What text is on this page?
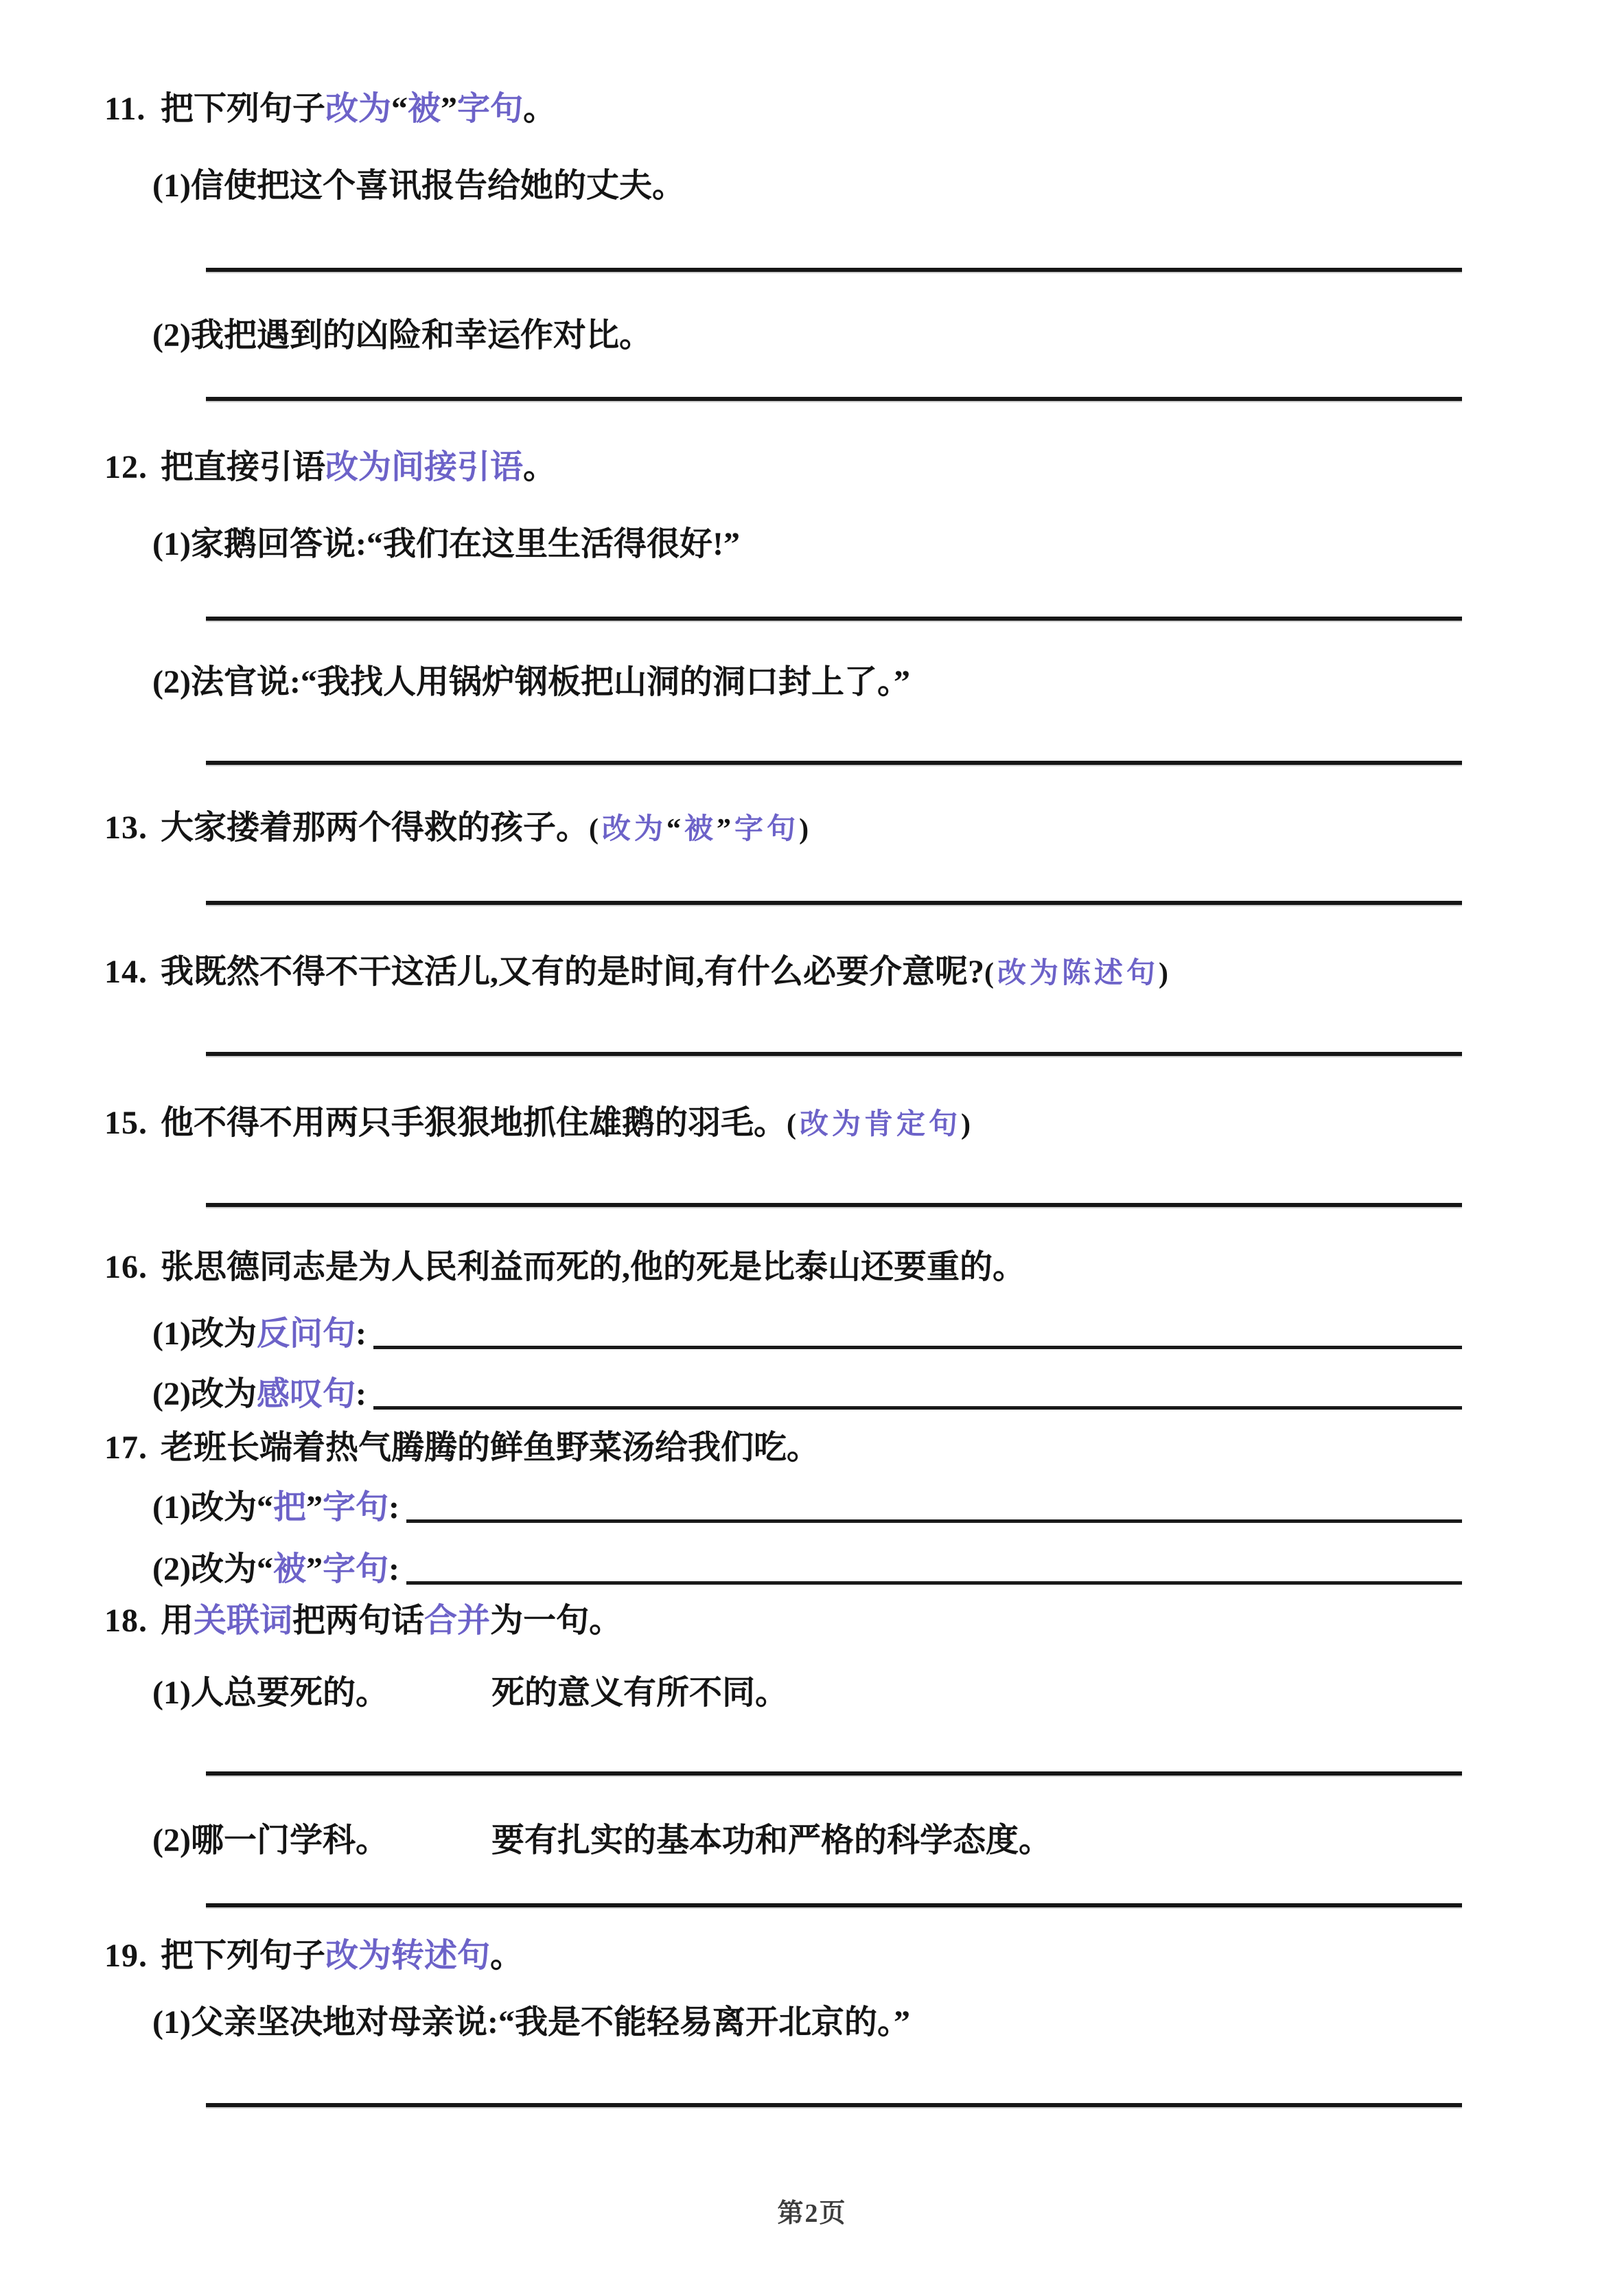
11. 把下列句子改为“被”字句。
(1)信使把这个喜讯报告给她的丈夫。
(2)我把遇到的凶险和幸运作对比。
12. 把直接引语改为间接引语。
(1)家鹅回答说:“我们在这里生活得很好!”
(2)法官说:“我找人用锅炉钢板把山洞的洞口封上了。”
13. 大家搂着那两个得救的孩子。(改为“被”字句)
14. 我既然不得不干这活儿,又有的是时间,有什么必要介意呢?(改为陈述句)
15. 他不得不用两只手狠狠地抓住雄鹅的羽毛。(改为肯定句)
16. 张思德同志是为人民利益而死的,他的死是比泰山还要重的。
(1)改为 反问句 :
(2)改为 感叹句 :
17. 老班长端着热气腾腾的鲜鱼野菜汤给我们吃。
(1)改为 “ 把 ” 字句 :
(2)改为 “ 被 ” 字句 :
18. 用关联词把两句话合并为一句。
(1)人总要死的。	死的意义有所不同。
(2)哪一门学科。	要有扎实的基本功和严格的科学态度。
19. 把下列句子改为转述句。
(1)父亲坚决地对母亲说:“我是不能轻易离开北京的。”
第2页
